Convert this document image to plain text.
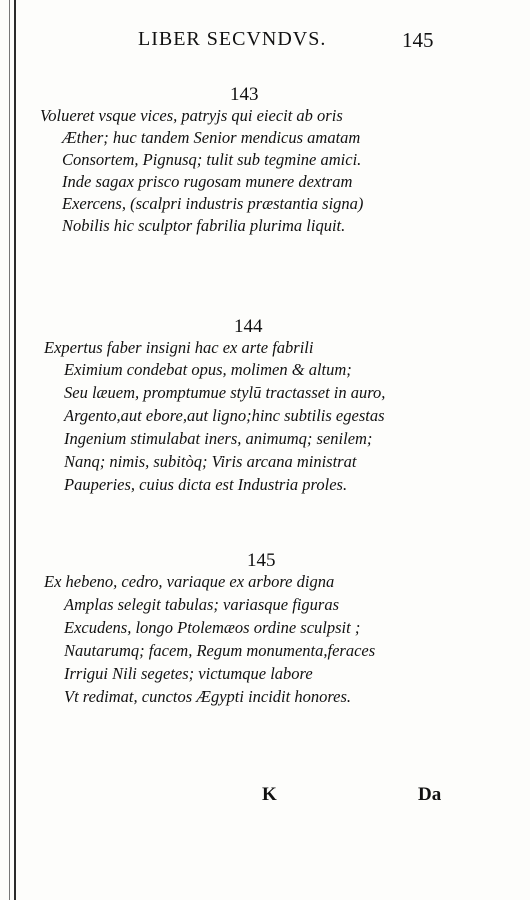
LIBER SECVNDVS.	145
143
Volueret vsque vices, patryjs qui eiecit ab oris
Æther; huc tandem Senior mendicus amatam
Consortem, Pignusq; tulit sub tegmine amici.
Inde sagax prisco rugosam munere dextram
Exercens, (scalpri industris præstantia signa)
Nobilis hic sculptor fabrilia plurima liquit.
144
Expertus faber insigni hac ex arte fabrili
Eximium condebat opus, molimen & altum;
Seu læuem, promptumue stylū tractasset in auro,
Argento,aut ebore,aut ligno;hinc subtilis egestas
Ingenium stimulabat iners, animumq; senilem;
Nanq; nimis, subitòq; Viris arcana ministrat
Pauperies, cuius dicta est Industria proles.
145
Ex hebeno, cedro, variaque ex arbore digna
Amplas selegit tabulas; variasque figuras
Excudens, longo Ptolemæos ordine sculpsit ;
Nautarumq; facem, Regum monumenta,feraces
Irrigui Nili segetes; victumque labore
Vt redimat, cunctos Ægypti incidit honores.
K	Da
